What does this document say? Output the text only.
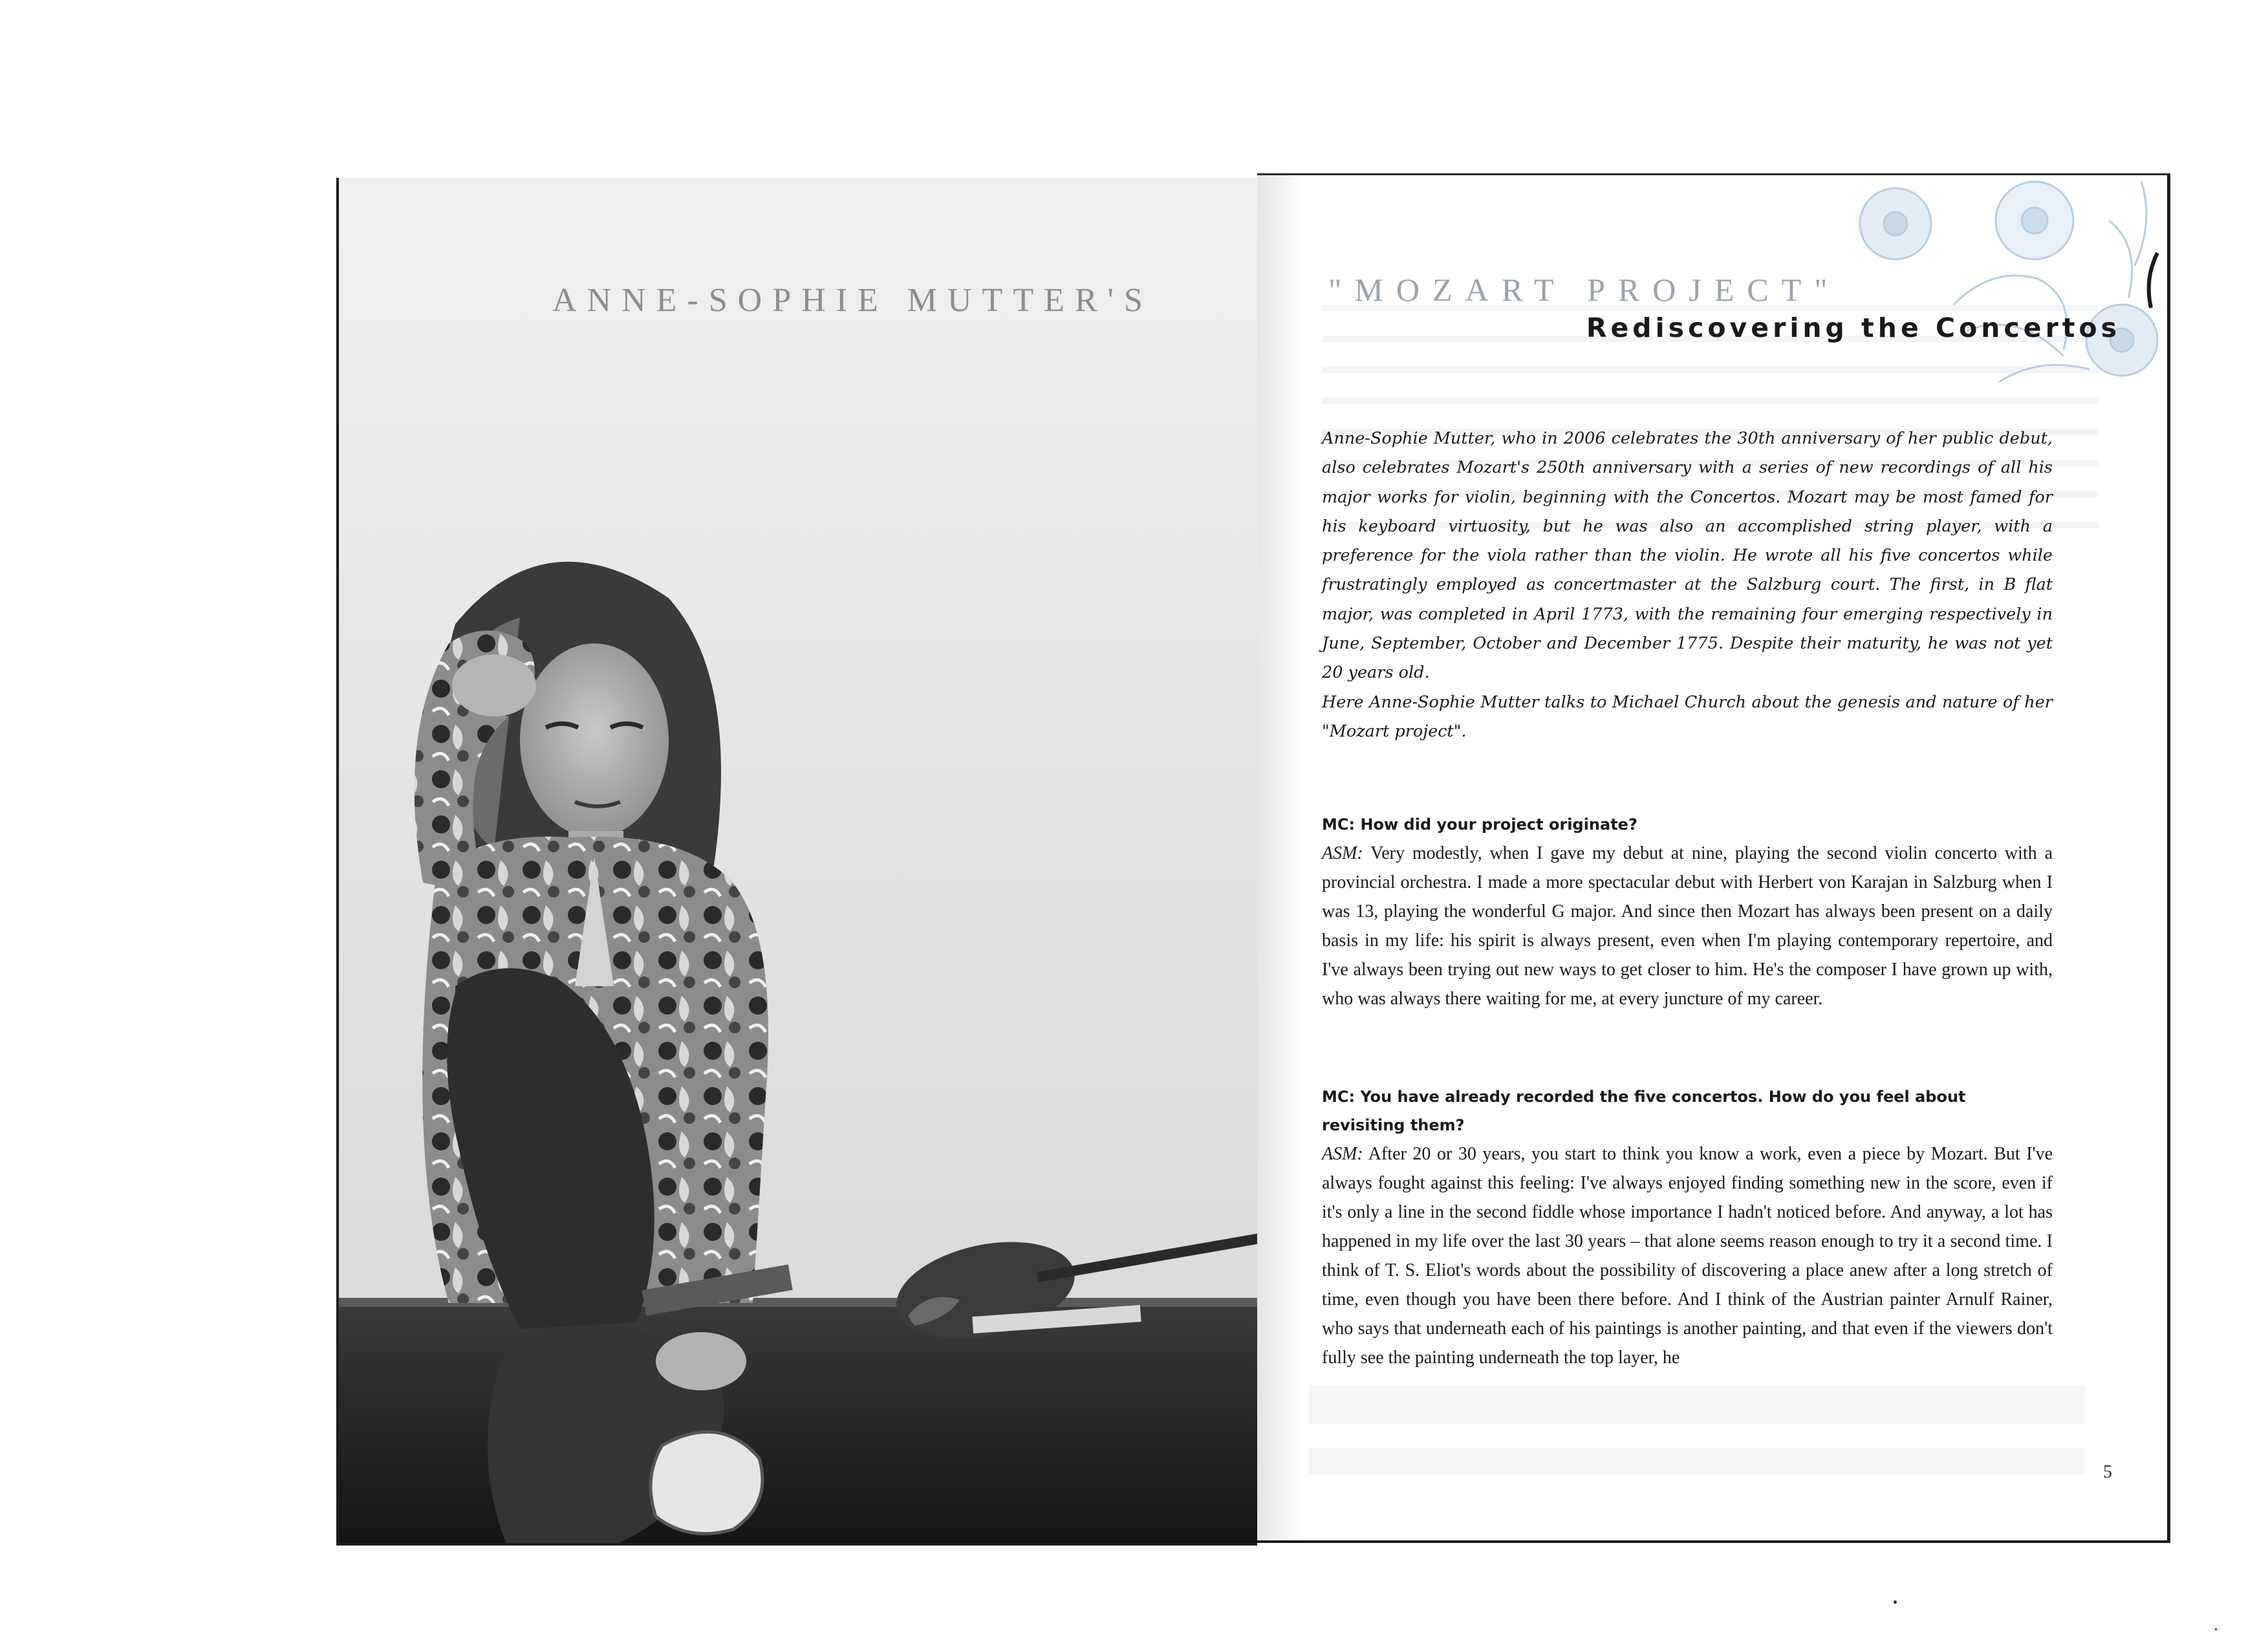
ANNE-SOPHIE MUTTER'S	"MOZART PROJECT"
Rediscovering the Concertos

Anne-Sophie Mutter, who in 2006 celebrates the 30th anniversary of her public debut, also celebrates Mozart's 250th anniversary with a series of new recordings of all his major works for violin, beginning with the Concertos. Mozart may be most famed for his keyboard virtuosity, but he was also an accomplished string player, with a preference for the viola rather than the violin. He wrote all his five concertos while frustratingly employed as concertmaster at the Salzburg court. The first, in B flat major, was completed in April 1773, with the remaining four emerging respectively in June, September, October and December 1775. Despite their maturity, he was not yet 20 years old.

Here Anne-Sophie Mutter talks to Michael Church about the genesis and nature of her "Mozart project".

MC: How did your project originate?

ASM: Very modestly, when I gave my debut at nine, playing the second violin concerto with a provincial orchestra. I made a more spectacular debut with Herbert von Karajan in Salzburg when I was 13, playing the wonderful G major. And since then Mozart has always been present on a daily basis in my life: his spirit is always present, even when I'm playing contemporary repertoire, and I've always been trying out new ways to get closer to him. He's the composer I have grown up with, who was always there waiting for me, at every juncture of my career.

MC: You have already recorded the five concertos. How do you feel about revisiting them?

ASM: After 20 or 30 years, you start to think you know a work, even a piece by Mozart. But I've always fought against this feeling: I've always enjoyed finding something new in the score, even if it's only a line in the second fiddle whose importance I hadn't noticed before. And anyway, a lot has happened in my life over the last 30 years – that alone seems reason enough to try it a second time. I think of T. S. Eliot's words about the possibility of discovering a place anew after a long stretch of time, even though you have been there before. And I think of the Austrian painter Arnulf Rainer, who says that underneath each of his paintings is another painting, and that even if the viewers don't fully see the painting underneath the top layer, he

5
